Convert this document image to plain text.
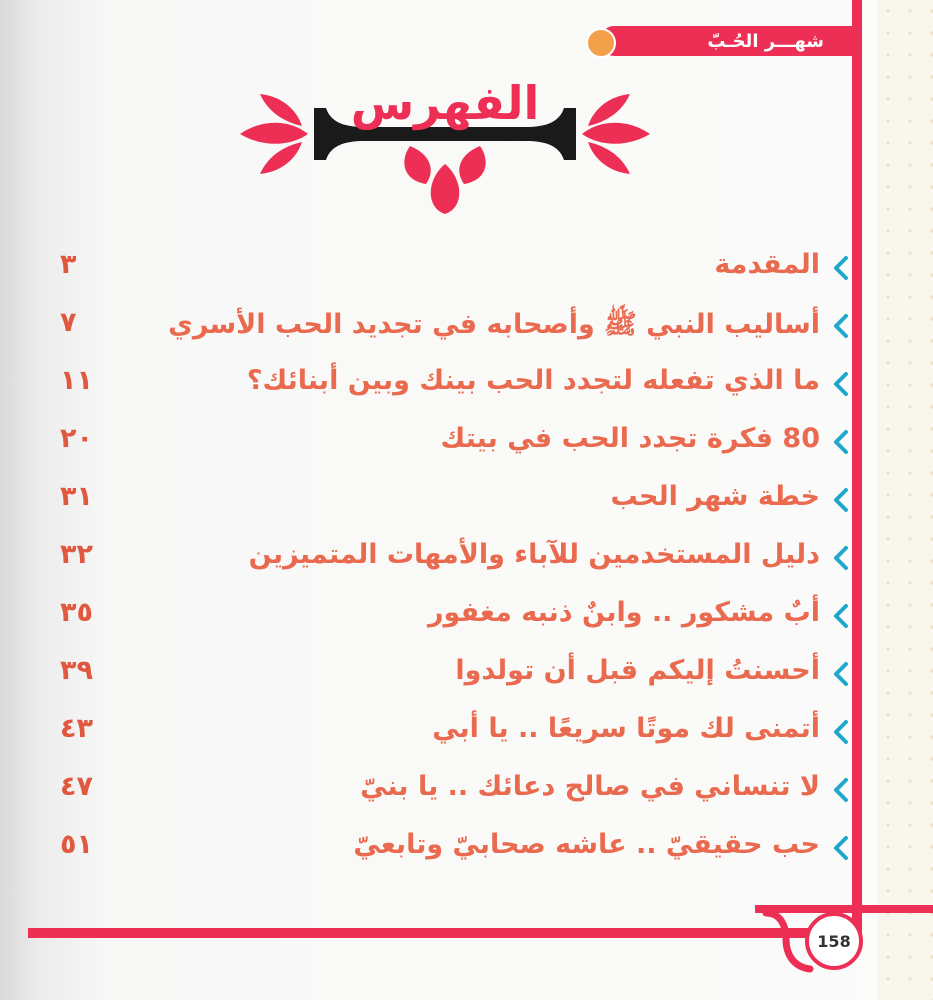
شهـــر الحُـبّ
الفهرس
المقدمة
٣
أساليب النبي ﷺ وأصحابه في تجديد الحب الأسري
٧
ما الذي تفعله لتجدد الحب بينك وبين أبنائك؟
١١
80 فكرة تجدد الحب في بيتك
٢٠
خطة شهر الحب
٣١
دليل المستخدمين للآباء والأمهات المتميزين
٣٢
أبٌ مشكور .. وابنٌ ذنبه مغفور
٣٥
أحسنتُ إليكم قبل أن تولدوا
٣٩
أتمنى لك موتًا سريعًا .. يا أبي
٤٣
لا تنساني في صالح دعائك .. يا بنيّ
٤٧
حب حقيقيّ .. عاشه صحابيّ وتابعيّ
٥١
158
